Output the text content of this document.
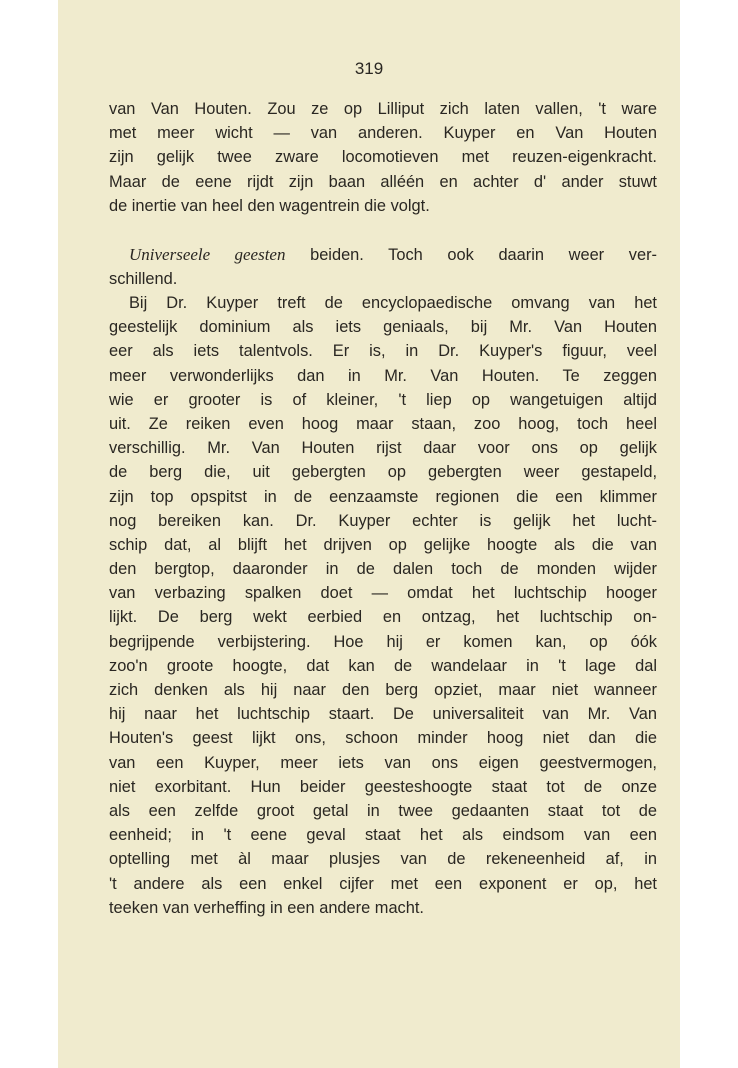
319
van Van Houten. Zou ze op Lilliput zich laten vallen, 't ware
met meer wicht — van anderen. Kuyper en Van Houten
zijn gelijk twee zware locomotieven met reuzen-eigenkracht.
Maar de eene rijdt zijn baan alléén en achter d' ander stuwt
de inertie van heel den wagentrein die volgt.
Universeele geesten beiden. Toch ook daarin weer ver-
schillend.
Bij Dr. Kuyper treft de encyclopaedische omvang van het
geestelijk dominium als iets geniaals, bij Mr. Van Houten
eer als iets talentvols. Er is, in Dr. Kuyper's figuur, veel
meer verwonderlijks dan in Mr. Van Houten. Te zeggen
wie er grooter is of kleiner, 't liep op wangetuigen altijd
uit. Ze reiken even hoog maar staan, zoo hoog, toch heel
verschillig. Mr. Van Houten rijst daar voor ons op gelijk
de berg die, uit gebergten op gebergten weer gestapeld,
zijn top opspitst in de eenzaamste regionen die een klimmer
nog bereiken kan. Dr. Kuyper echter is gelijk het lucht-
schip dat, al blijft het drijven op gelijke hoogte als die van
den bergtop, daaronder in de dalen toch de monden wijder
van verbazing spalken doet — omdat het luchtschip hooger
lijkt. De berg wekt eerbied en ontzag, het luchtschip on-
begrijpende verbijstering. Hoe hij er komen kan, op óók
zoo'n groote hoogte, dat kan de wandelaar in 't lage dal
zich denken als hij naar den berg opziet, maar niet wanneer
hij naar het luchtschip staart. De universaliteit van Mr. Van
Houten's geest lijkt ons, schoon minder hoog niet dan die
van een Kuyper, meer iets van ons eigen geestvermogen,
niet exorbitant. Hun beider geesteshoogte staat tot de onze
als een zelfde groot getal in twee gedaanten staat tot de
eenheid; in 't eene geval staat het als eindsom van een
optelling met àl maar plusjes van de rekeneenheid af, in
't andere als een enkel cijfer met een exponent er op, het
teeken van verheffing in een andere macht.
